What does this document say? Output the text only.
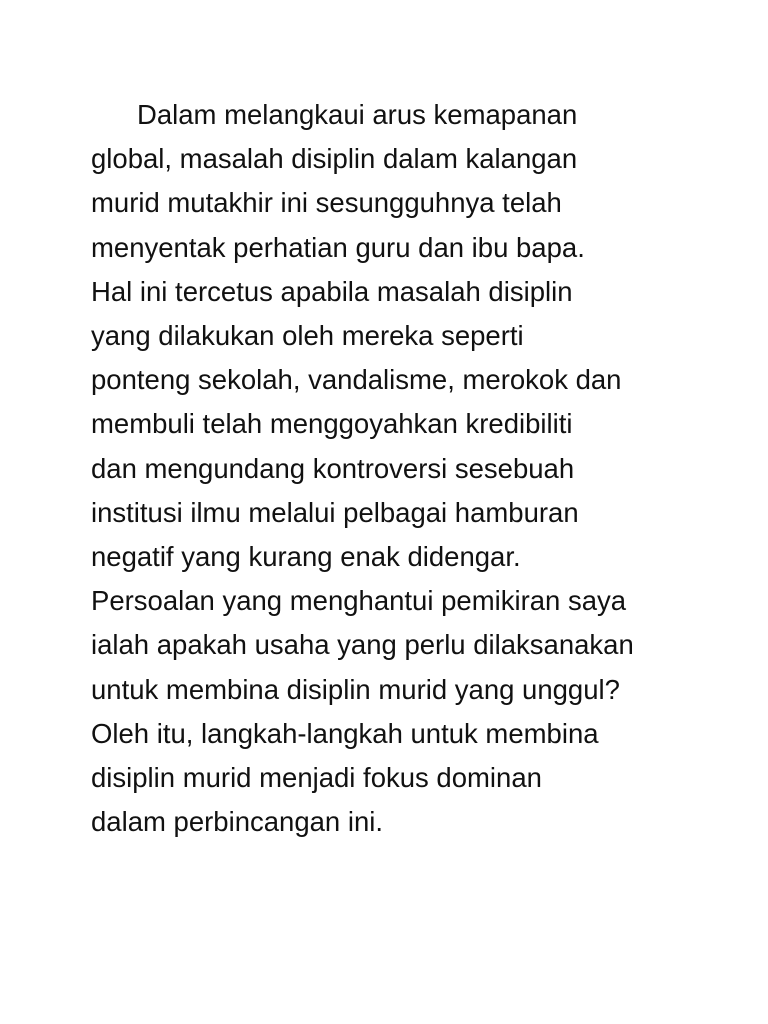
Dalam melangkaui arus kemapanan
global, masalah disiplin dalam kalangan
murid mutakhir ini sesungguhnya telah
menyentak perhatian guru dan ibu bapa.
Hal ini tercetus apabila masalah disiplin
yang dilakukan oleh mereka seperti
ponteng sekolah, vandalisme, merokok dan
membuli telah menggoyahkan kredibiliti
dan mengundang kontroversi sesebuah
institusi ilmu melalui pelbagai hamburan
negatif yang kurang enak didengar.
Persoalan yang menghantui pemikiran saya
ialah apakah usaha yang perlu dilaksanakan
untuk membina disiplin murid yang unggul?
Oleh itu, langkah-langkah untuk membina
disiplin murid menjadi fokus dominan
dalam perbincangan ini.
